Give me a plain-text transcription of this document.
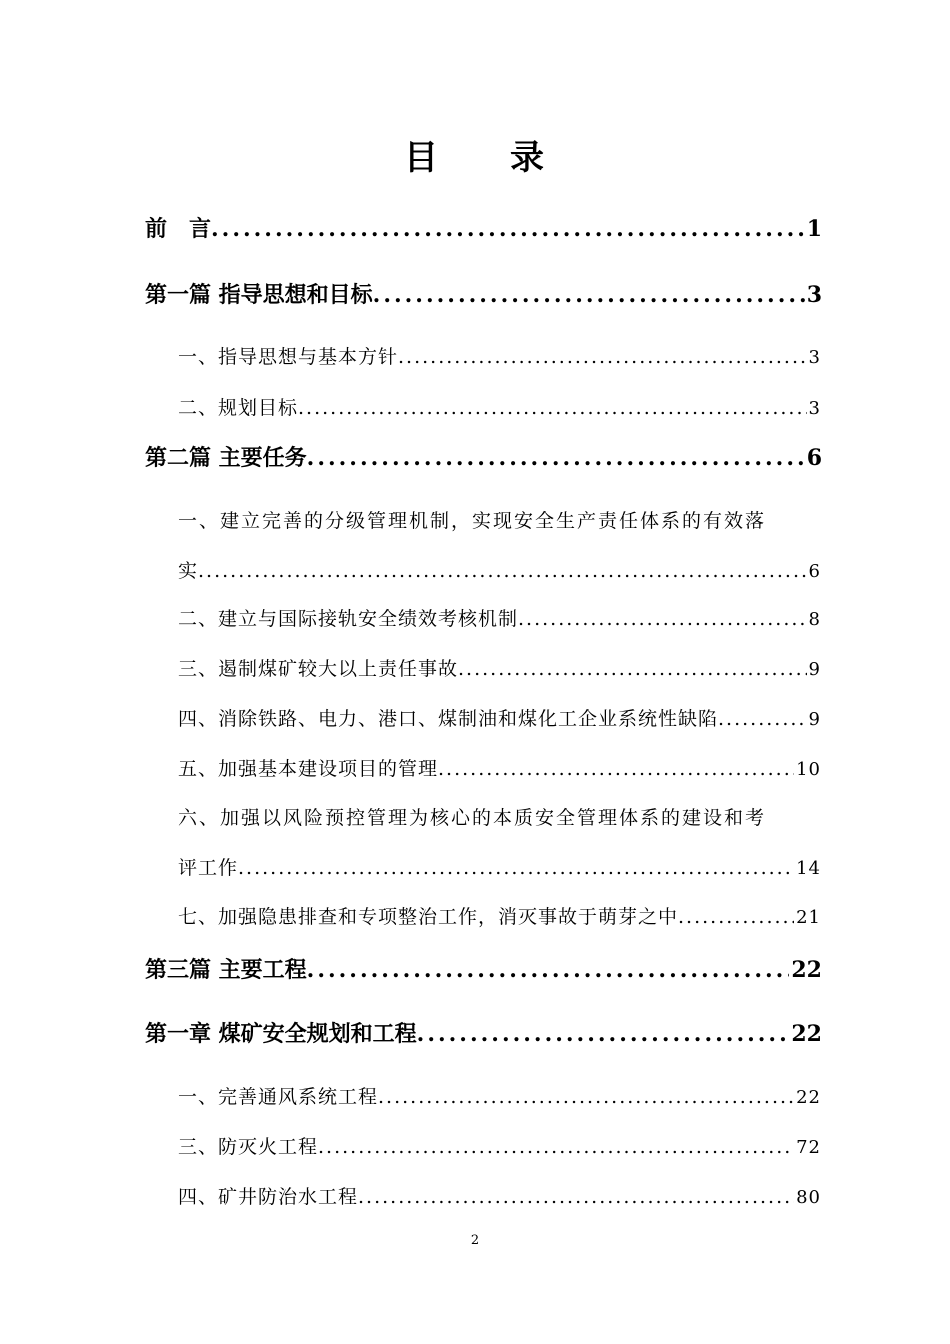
目 录
前　言 .....	1
第一篇 指导思想和目标 .....	3
一、指导思想与基本方针 .....	3
二、规划目标 .....	3
第二篇 主要任务 .....	6
一、建立完善的分级管理机制，实现安全生产责任体系的有效落
实 .....	6
二、建立与国际接轨安全绩效考核机制 .....	8
三、遏制煤矿较大以上责任事故 .....	9
四、消除铁路、电力、港口、煤制油和煤化工企业系统性缺陷 .....	9
五、加强基本建设项目的管理 .....	10
六、加强以风险预控管理为核心的本质安全管理体系的建设和考
评工作 .....	14
七、加强隐患排查和专项整治工作，消灭事故于萌芽之中 .....	21
第三篇 主要工程 .....	22
第一章 煤矿安全规划和工程 .....	22
一、完善通风系统工程 .....	22
三、防灭火工程 .....	72
四、矿井防治水工程 .....	80
2
